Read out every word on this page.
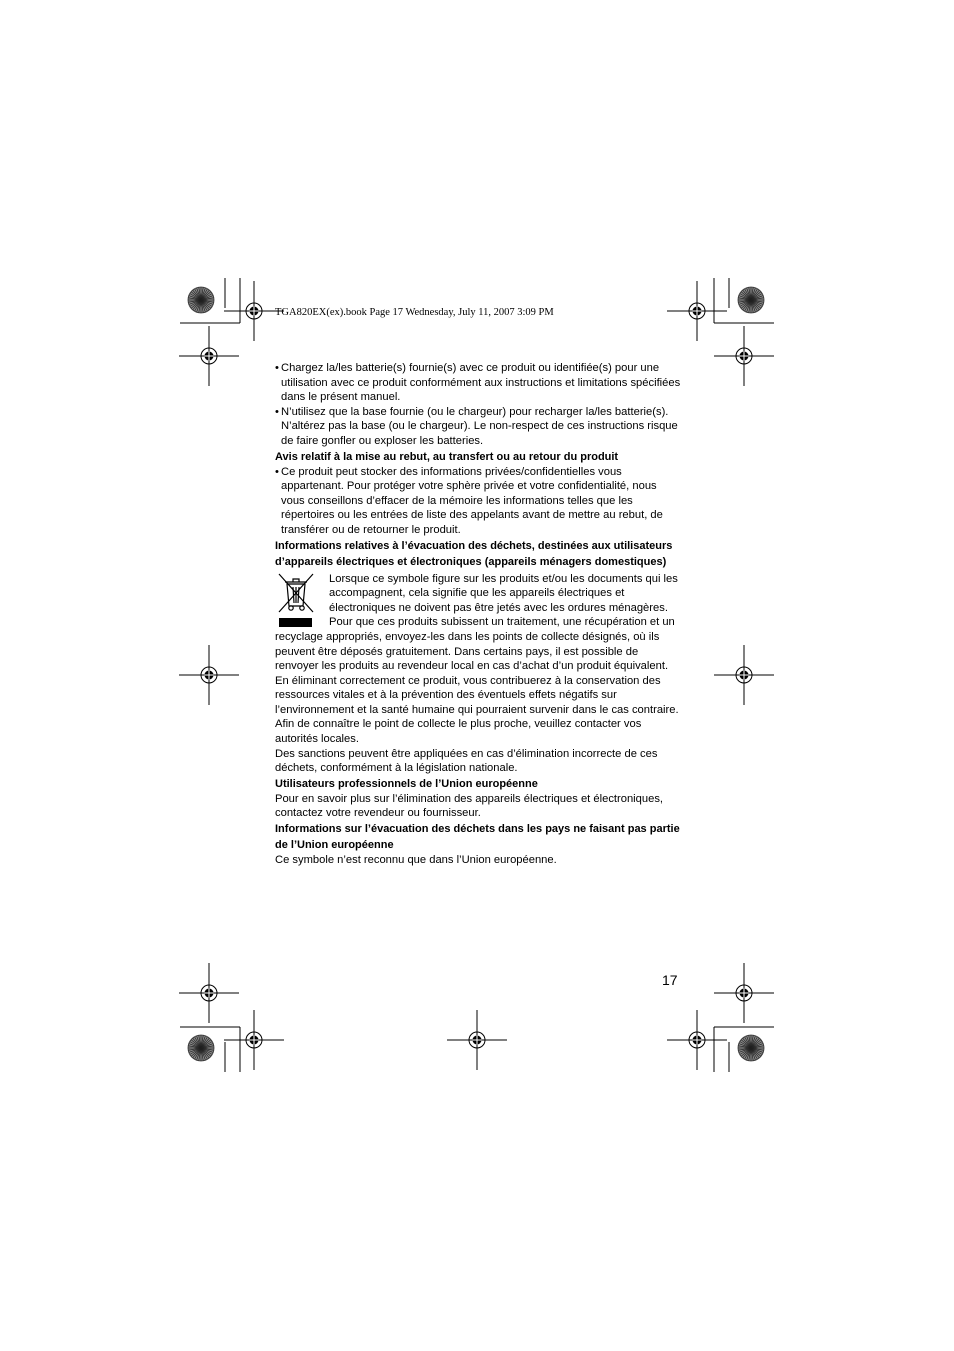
TGA820EX(ex).book Page 17 Wednesday, July 11, 2007 3:09 PM

• Chargez la/les batterie(s) fournie(s) avec ce produit ou identifiée(s) pour une utilisation avec ce produit conformément aux instructions et limitations spécifiées dans le présent manuel.

• N’utilisez que la base fournie (ou le chargeur) pour recharger la/les batterie(s). N’altérez pas la base (ou le chargeur). Le non-respect de ces instructions risque de faire gonfler ou exploser les batteries.

Avis relatif à la mise au rebut, au transfert ou au retour du produit

• Ce produit peut stocker des informations privées/confidentielles vous appartenant. Pour protéger votre sphère privée et votre confidentialité, nous vous conseillons d’effacer de la mémoire les informations telles que les répertoires ou les entrées de liste des appelants avant de mettre au rebut, de transférer ou de retourner le produit.

Informations relatives à l’évacuation des déchets, destinées aux utilisateurs d’appareils électriques et électroniques (appareils ménagers domestiques)

Lorsque ce symbole figure sur les produits et/ou les documents qui les accompagnent, cela signifie que les appareils électriques et électroniques ne doivent pas être jetés avec les ordures ménagères. Pour que ces produits subissent un traitement, une récupération et un recyclage appropriés, envoyez-les dans les points de collecte désignés, où ils peuvent être déposés gratuitement. Dans certains pays, il est possible de renvoyer les produits au revendeur local en cas d’achat d’un produit équivalent.

En éliminant correctement ce produit, vous contribuerez à la conservation des ressources vitales et à la prévention des éventuels effets négatifs sur l’environnement et la santé humaine qui pourraient survenir dans le cas contraire.

Afin de connaître le point de collecte le plus proche, veuillez contacter vos autorités locales.

Des sanctions peuvent être appliquées en cas d’élimination incorrecte de ces déchets, conformément à la législation nationale.

Utilisateurs professionnels de l’Union européenne

Pour en savoir plus sur l’élimination des appareils électriques et électroniques, contactez votre revendeur ou fournisseur.

Informations sur l’évacuation des déchets dans les pays ne faisant pas partie de l’Union européenne

Ce symbole n’est reconnu que dans l’Union européenne.

17
